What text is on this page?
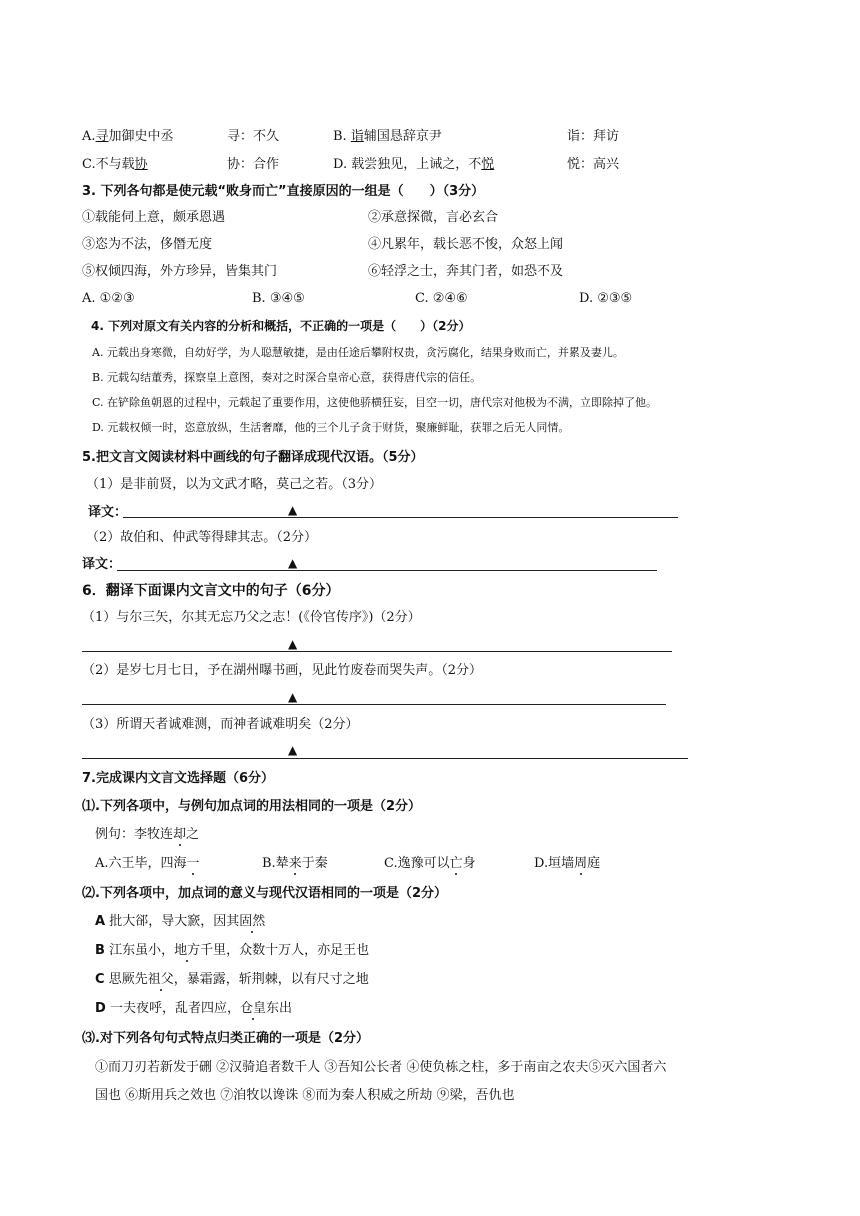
A.寻加御史中丞	寻：不久	B. 诣辅国恳辞京尹	诣：拜访
C.不与载协	协：合作	D. 载尝独见，上诫之，不悦	悦：高兴
3. 下列各句都是使元载“败身而亡”直接原因的一组是（　　）（3分）
①载能伺上意，颇承恩遇	②承意探微，言必玄合
③恣为不法，侈僭无度	④凡累年，载长恶不悛，众怒上闻
⑤权倾四海，外方珍异，皆集其门	⑥轻浮之士，奔其门者，如恐不及
A. ①②③	B. ③④⑤	C. ②④⑥	D. ②③⑤
4. 下列对原文有关内容的分析和概括，不正确的一项是（　　）（2分）
A. 元载出身寒微，自幼好学，为人聪慧敏捷，是由任途后攀附权贵，贪污腐化，结果身败而亡，并累及妻儿。
B. 元载勾结董秀，探察皇上意图，奏对之时深合皇帝心意，获得唐代宗的信任。
C. 在铲除鱼朝恩的过程中，元载起了重要作用，这使他骄横狂妄，目空一切，唐代宗对他极为不满，立即除掉了他。
D. 元载权倾一时，恣意放纵，生活奢靡，他的三个儿子贪于财货，聚廉鲜耻，获罪之后无人同情。
5.把文言文阅读材料中画线的句子翻译成现代汉语。（5分）
（1）是非前贤，以为文武才略，莫己之若。（3分）
译文：	▲
（2）故伯和、仲武等得肆其志。（2分）
译文：	▲
6．翻译下面课内文言文中的句子（6分）
（1）与尔三矢，尔其无忘乃父之志！(《伶官传序》)（2分）
▲
（2）是岁七月七日，予在湖州曝书画，见此竹废卷而哭失声。（2分）
▲
（3）所谓天者诚难测，而神者诚难明矣（2分）
▲
7.完成课内文言文选择题（6分）
⑴.下列各项中，与例句加点词的用法相同的一项是（2分）
例句：李牧连却之
A.六王毕，四海一	B.辇来于秦	C.逸豫可以亡身	D.垣墙周庭
⑵.下列各项中，加点词的意义与现代汉语相同的一项是（2分）
A 批大郤，导大窾，因其固然
B 江东虽小，地方千里，众数十万人，亦足王也
C 思厥先祖父，暴霜露，斩荆棘，以有尺寸之地
D 一夫夜呼，乱者四应，仓皇东出
⑶.对下列各句句式特点归类正确的一项是（2分）
①而刀刃若新发于硎 ②汉骑追者数千人 ③吾知公长者 ④使负栋之柱，多于南亩之农夫⑤灭六国者六
国也 ⑥斯用兵之效也 ⑦洎牧以谗诛 ⑧而为秦人积威之所劫 ⑨梁，吾仇也
